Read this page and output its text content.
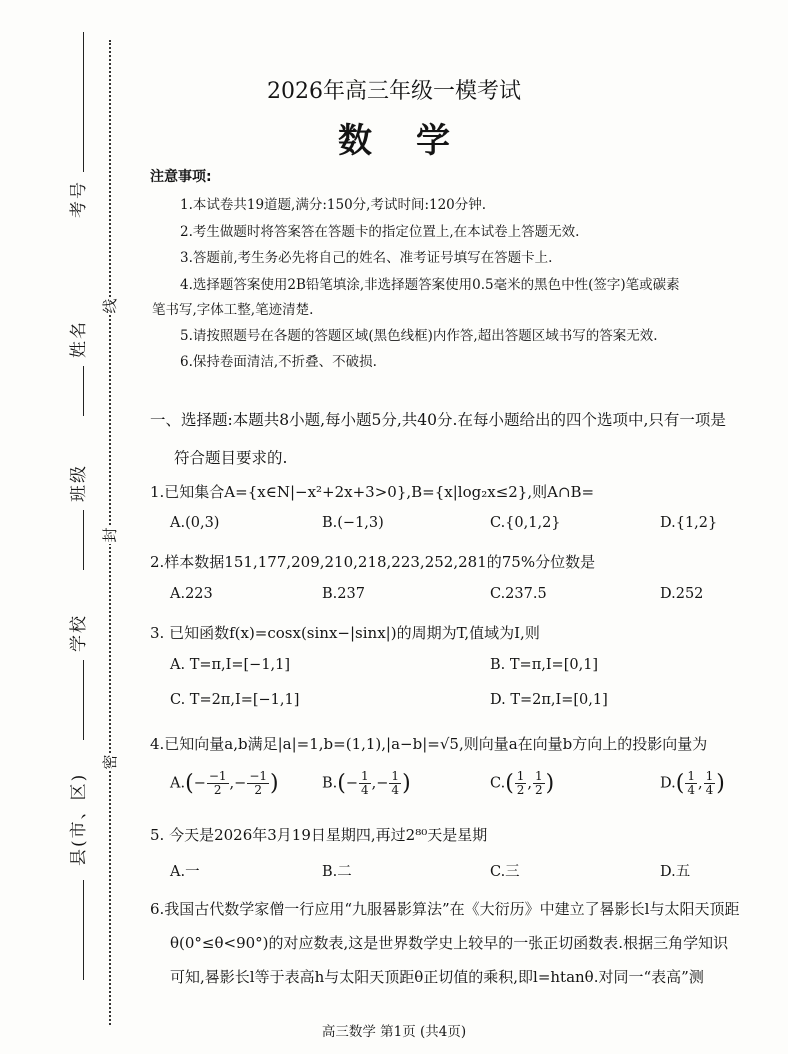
线
封
密
县(市、区)
学校
班级
姓名
考号
2026年高三年级一模考试
数学
注意事项:
1.本试卷共19道题,满分:150分,考试时间:120分钟.
2.考生做题时将答案答在答题卡的指定位置上,在本试卷上答题无效.
3.答题前,考生务必先将自己的姓名、准考证号填写在答题卡上.
4.选择题答案使用2B铅笔填涂,非选择题答案使用0.5毫米的黑色中性(签字)笔或碳素
笔书写,字体工整,笔迹清楚.
5.请按照题号在各题的答题区域(黑色线框)内作答,超出答题区域书写的答案无效.
6.保持卷面清洁,不折叠、不破损.
一、选择题:本题共8小题,每小题5分,共40分.在每小题给出的四个选项中,只有一项是
符合题目要求的.
1.已知集合A={x∈N|−x²+2x+3>0},B={x|log₂x≤2},则A∩B=
A.(0,3)	B.(−1,3)	C.{0,1,2}	D.{1,2}
2.样本数据151,177,209,210,218,223,252,281的75%分位数是
A.223	B.237	C.237.5	D.252
3. 已知函数f(x)=cosx(sinx−|sinx|)的周期为T,值域为I,则
A. T=π,I=[−1,1]	B. T=π,I=[0,1]
C. T=2π,I=[−1,1]	D. T=2π,I=[0,1]
4.已知向量a,b满足|a|=1,b=(1,1),|a−b|=√5,则向量a在向量b方向上的投影向量为
$A.(- \frac{-1}{2}$ ,− $\frac{-1}{2}$ )	$B.(- \frac{1}{4}$ ,− $\frac{1}{4}$ )	$C.( \frac{1}{2}$ , $\frac{1}{2}$ )	$D.( \frac{1}{4}$ , $\frac{1}{4}$ )
5. 今天是2026年3月19日星期四,再过2⁸⁰天是星期
A.一	B.二	C.三	D.五
6.我国古代数学家僧一行应用“九服晷影算法”在《大衍历》中建立了晷影长l与太阳天顶距
θ(0°≤θ<90°)的对应数表,这是世界数学史上较早的一张正切函数表.根据三角学知识
可知,晷影长l等于表高h与太阳天顶距θ正切值的乘积,即l=htanθ.对同一“表高”测
高三数学 第1页 (共4页)
